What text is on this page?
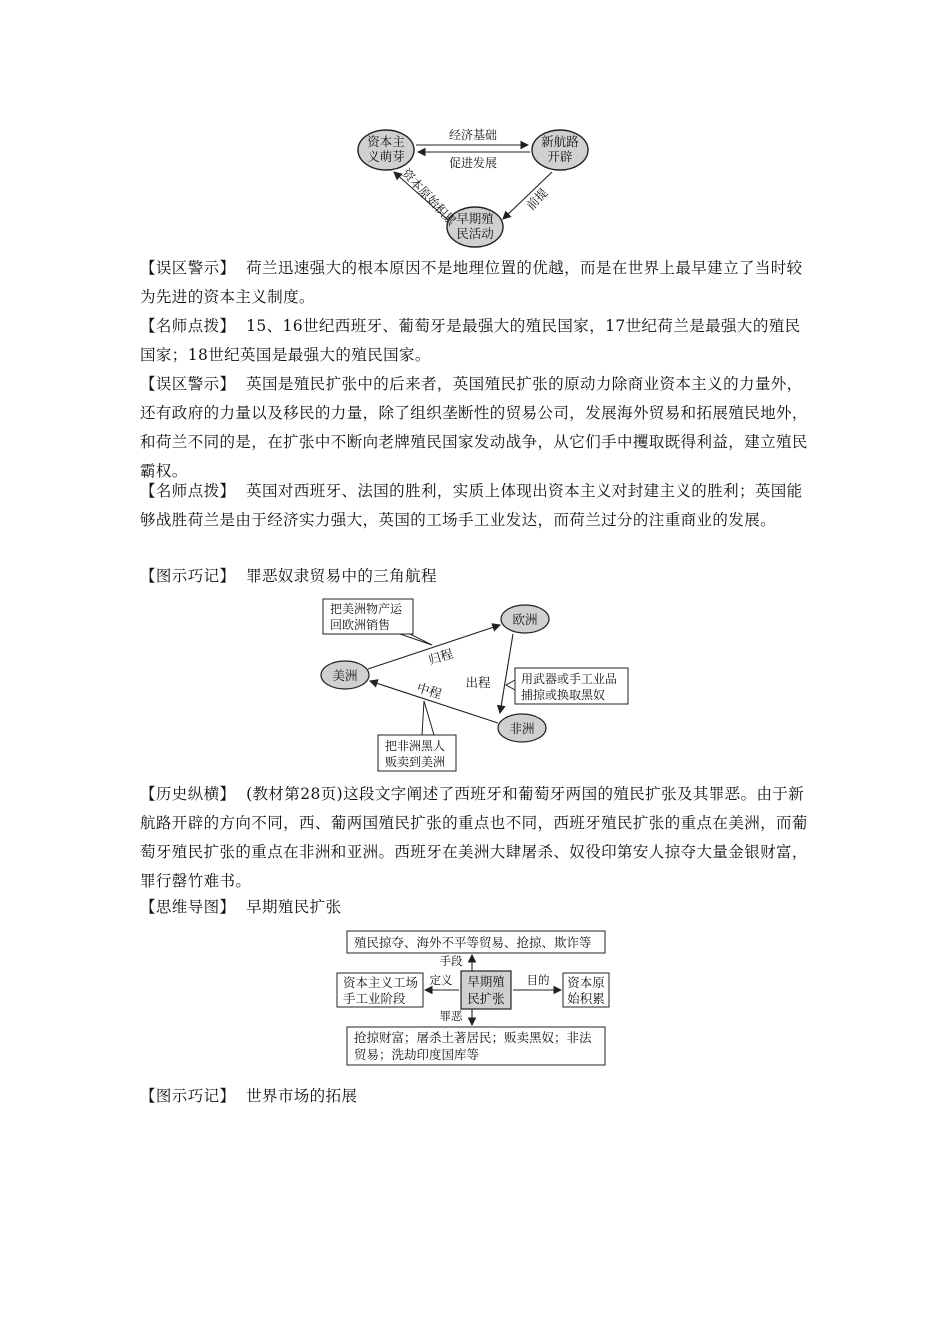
资本主
义萌芽
新航路
开辟
早期殖
民活动
经济基础
促进发展
资本原始积累	前提
【误区警示】 荷兰迅速强大的根本原因不是地理位置的优越，而是在世界上最早建立了当时较为先进的资本主义制度。
【名师点拨】 15、16世纪西班牙、葡萄牙是最强大的殖民国家，17世纪荷兰是最强大的殖民国家；18世纪英国是最强大的殖民国家。
【误区警示】 英国是殖民扩张中的后来者，英国殖民扩张的原动力除商业资本主义的力量外，还有政府的力量以及移民的力量，除了组织垄断性的贸易公司，发展海外贸易和拓展殖民地外，和荷兰不同的是，在扩张中不断向老牌殖民国家发动战争，从它们手中攫取既得利益，建立殖民霸权。
【名师点拨】 英国对西班牙、法国的胜利，实质上体现出资本主义对封建主义的胜利；英国能够战胜荷兰是由于经济实力强大，英国的工场手工业发达，而荷兰过分的注重商业的发展。
【图示巧记】 罪恶奴隶贸易中的三角航程
把美洲物产运
回欧洲销售	欧洲
美洲
非洲
归程
中程 出程	用武器或手工业品
捕掠或换取黑奴
把非洲黑人
贩卖到美洲
【历史纵横】 (教材第28页)这段文字阐述了西班牙和葡萄牙两国的殖民扩张及其罪恶。由于新航路开辟的方向不同，西、葡两国殖民扩张的重点也不同，西班牙殖民扩张的重点在美洲，而葡萄牙殖民扩张的重点在非洲和亚洲。西班牙在美洲大肆屠杀、奴役印第安人掠夺大量金银财富，罪行罄竹难书。
【思维导图】 早期殖民扩张
殖民掠夺、海外不平等贸易、抢掠、欺诈等
手段
资本主义工场
手工业阶段
定义 早期殖
民扩张
目的 资本原
始积累
罪恶
抢掠财富；屠杀土著居民；贩卖黑奴；非法
贸易；洗劫印度国库等
【图示巧记】 世界市场的拓展
